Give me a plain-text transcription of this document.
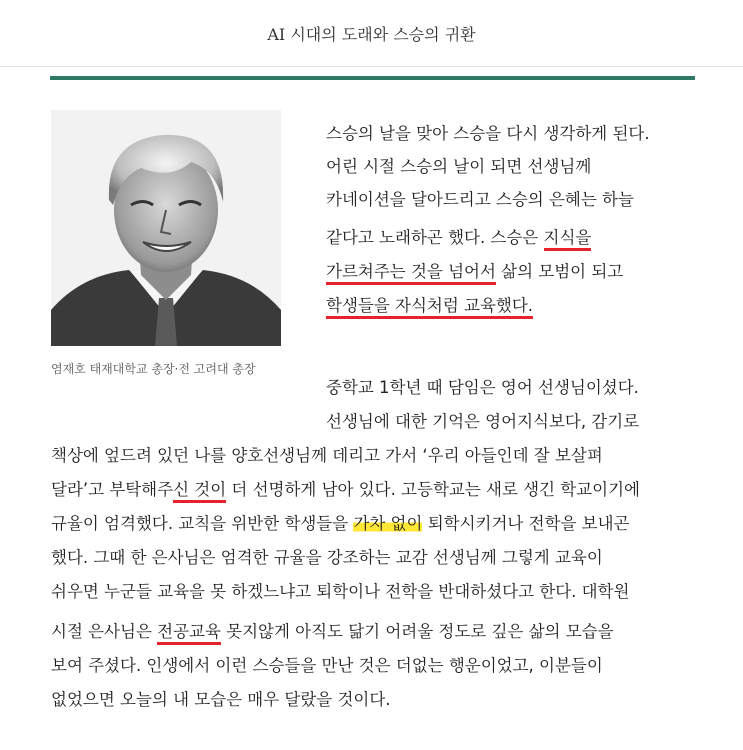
AI 시대의 도래와 스승의 귀환
염재호 태재대학교 총장·전 고려대 총장
스승의 날을 맞아 스승을 다시 생각하게 된다.
어린 시절 스승의 날이 되면 선생님께
카네이션을 달아드리고 스승의 은혜는 하늘
같다고 노래하곤 했다. 스승은 지식을
가르쳐주는 것을 넘어서 삶의 모범이 되고
학생들을 자식처럼 교육했다.
중학교 1학년 때 담임은 영어 선생님이셨다.
선생님에 대한 기억은 영어지식보다, 감기로
책상에 엎드려 있던 나를 양호선생님께 데리고 가서 ‘우리 아들인데 잘 보살펴
달라’고 부탁해주신 것이 더 선명하게 남아 있다. 고등학교는 새로 생긴 학교이기에
규율이 엄격했다. 교칙을 위반한 학생들을 가차 없이 퇴학시키거나 전학을 보내곤
했다. 그때 한 은사님은 엄격한 규율을 강조하는 교감 선생님께 그렇게 교육이
쉬우면 누군들 교육을 못 하겠느냐고 퇴학이나 전학을 반대하셨다고 한다. 대학원
시절 은사님은 전공교육 못지않게 아직도 닮기 어려울 정도로 깊은 삶의 모습을
보여 주셨다. 인생에서 이런 스승들을 만난 것은 더없는 행운이었고, 이분들이
없었으면 오늘의 내 모습은 매우 달랐을 것이다.
